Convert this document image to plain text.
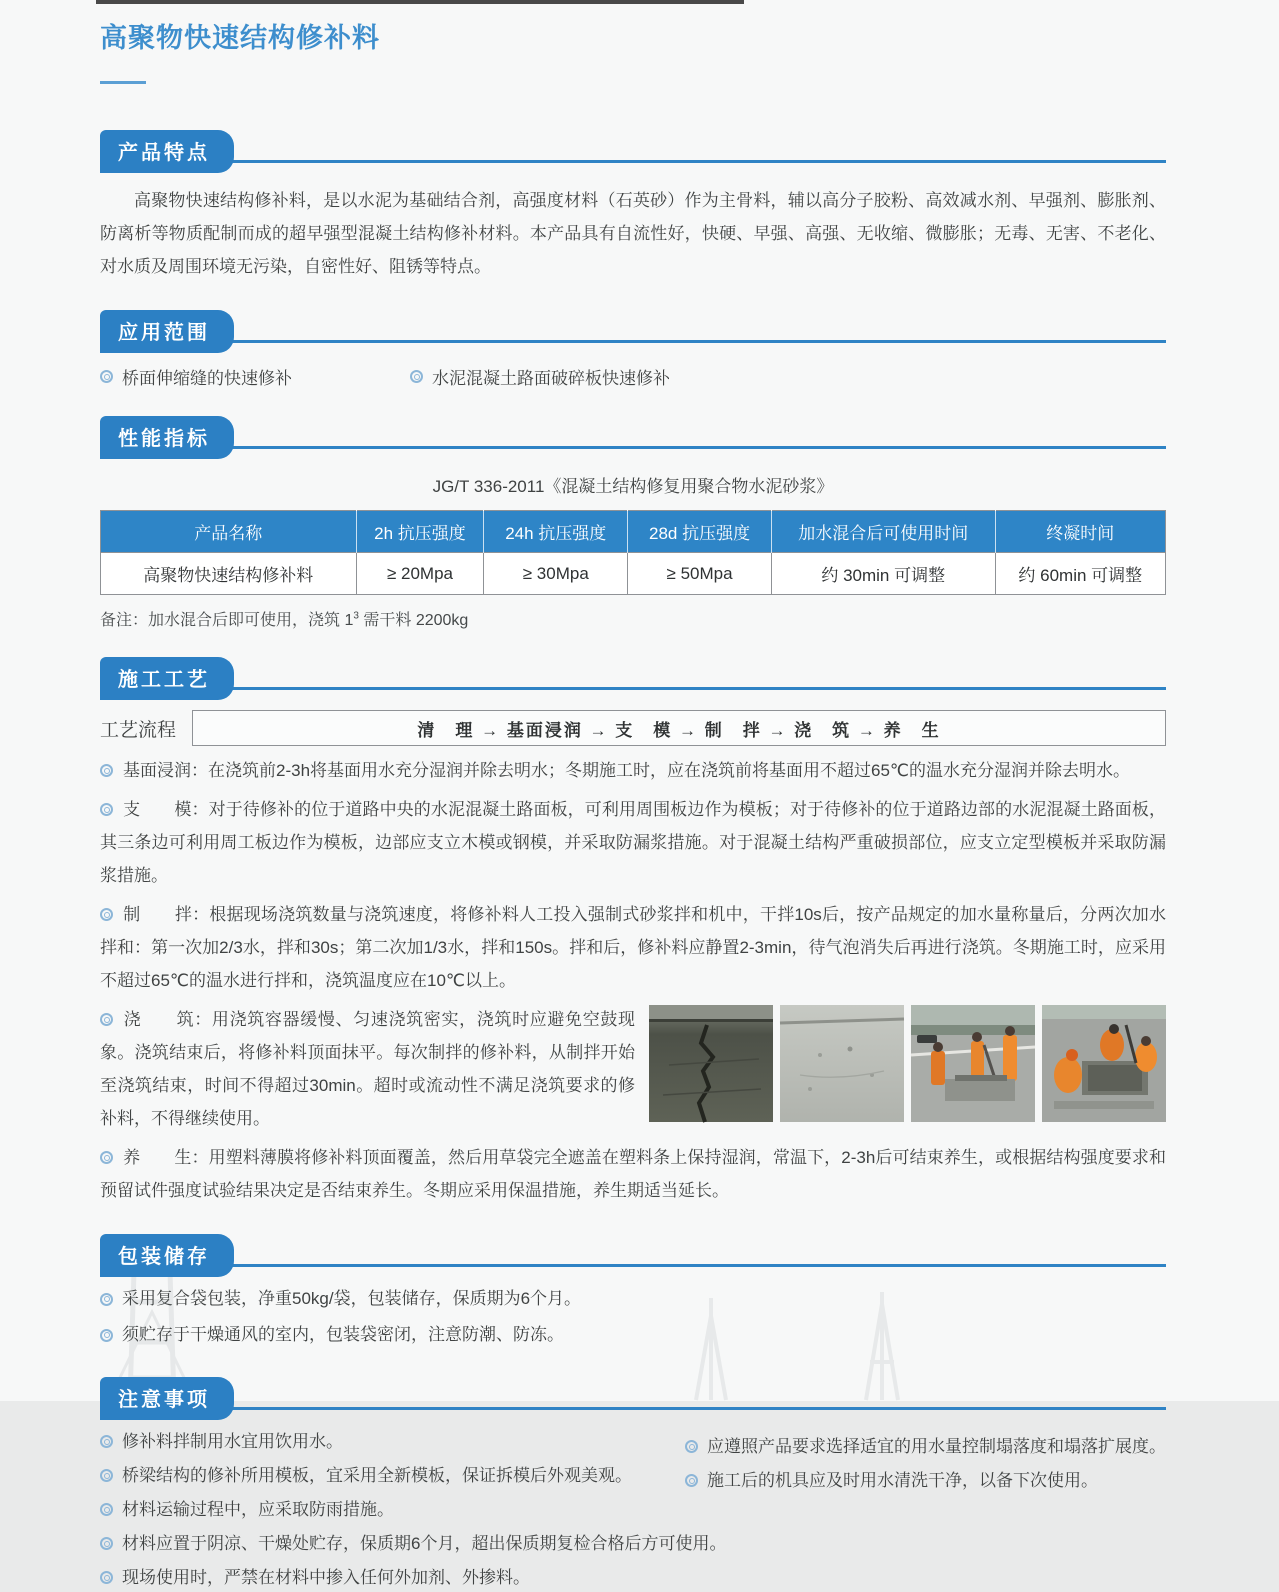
高聚物快速结构修补料
产品特点

高聚物快速结构修补料，是以水泥为基础结合剂，高强度材料（石英砂）作为主骨料，辅以高分子胶粉、高效减水剂、早强剂、膨胀剂、防离析等物质配制而成的超早强型混凝土结构修补材料。本产品具有自流性好，快硬、早强、高强、无收缩、微膨胀；无毒、无害、不老化、对水质及周围环境无污染，自密性好、阻锈等特点。

应用范围
桥面伸缩缝的快速修补	水泥混凝土路面破碎板快速修补
性能指标
JG/T 336-2011《混凝土结构修复用聚合物水泥砂浆》
产品名称	2h 抗压强度	24h 抗压强度	28d 抗压强度	加水混合后可使用时间	终凝时间
高聚物快速结构修补料	≥ 20Mpa	≥ 30Mpa	≥ 50Mpa	约 30min 可调整	约 60min 可调整
备注：加水混合后即可使用，浇筑 $1^3$ 需干料 2200kg
施工工艺
工艺流程	清　理 → 基面浸润 → 支　模 → 制　拌 → 浇　筑 → 养　生

基面浸润：在浇筑前2-3h将基面用水充分湿润并除去明水；冬期施工时，应在浇筑前将基面用不超过65℃的温水充分湿润并除去明水。

支　　模：对于待修补的位于道路中央的水泥混凝土路面板，可利用周围板边作为模板；对于待修补的位于道路边部的水泥混凝土路面板，其三条边可利用周工板边作为模板，边部应支立木模或钢模，并采取防漏浆措施。对于混凝土结构严重破损部位，应支立定型模板并采取防漏浆措施。

制　　拌：根据现场浇筑数量与浇筑速度，将修补料人工投入强制式砂浆拌和机中，干拌10s后，按产品规定的加水量称量后，分两次加水拌和：第一次加2/3水，拌和30s；第二次加1/3水，拌和150s。拌和后，修补料应静置2-3min，待气泡消失后再进行浇筑。冬期施工时，应采用不超过65℃的温水进行拌和，浇筑温度应在10℃以上。

浇　　筑：用浇筑容器缓慢、匀速浇筑密实，浇筑时应避免空鼓现象。浇筑结束后，将修补料顶面抹平。每次制拌的修补料，从制拌开始至浇筑结束，时间不得超过30min。超时或流动性不满足浇筑要求的修补料，不得继续使用。

养　　生：用塑料薄膜将修补料顶面覆盖，然后用草袋完全遮盖在塑料条上保持湿润，常温下，2-3h后可结束养生，或根据结构强度要求和预留试件强度试验结果决定是否结束养生。冬期应采用保温措施，养生期适当延长。

包装储存
采用复合袋包装，净重50kg/袋，包装储存，保质期为6个月。
须贮存于干燥通风的室内，包装袋密闭，注意防潮、防冻。
注意事项
修补料拌制用水宜用饮用水。
桥梁结构的修补所用模板，宜采用全新模板，保证拆模后外观美观。
材料运输过程中，应采取防雨措施。
材料应置于阴凉、干燥处贮存，保质期6个月，超出保质期复检合格后方可使用。
现场使用时，严禁在材料中掺入任何外加剂、外掺料。
应遵照产品要求选择适宜的用水量控制塌落度和塌落扩展度。
施工后的机具应及时用水清洗干净，以备下次使用。
